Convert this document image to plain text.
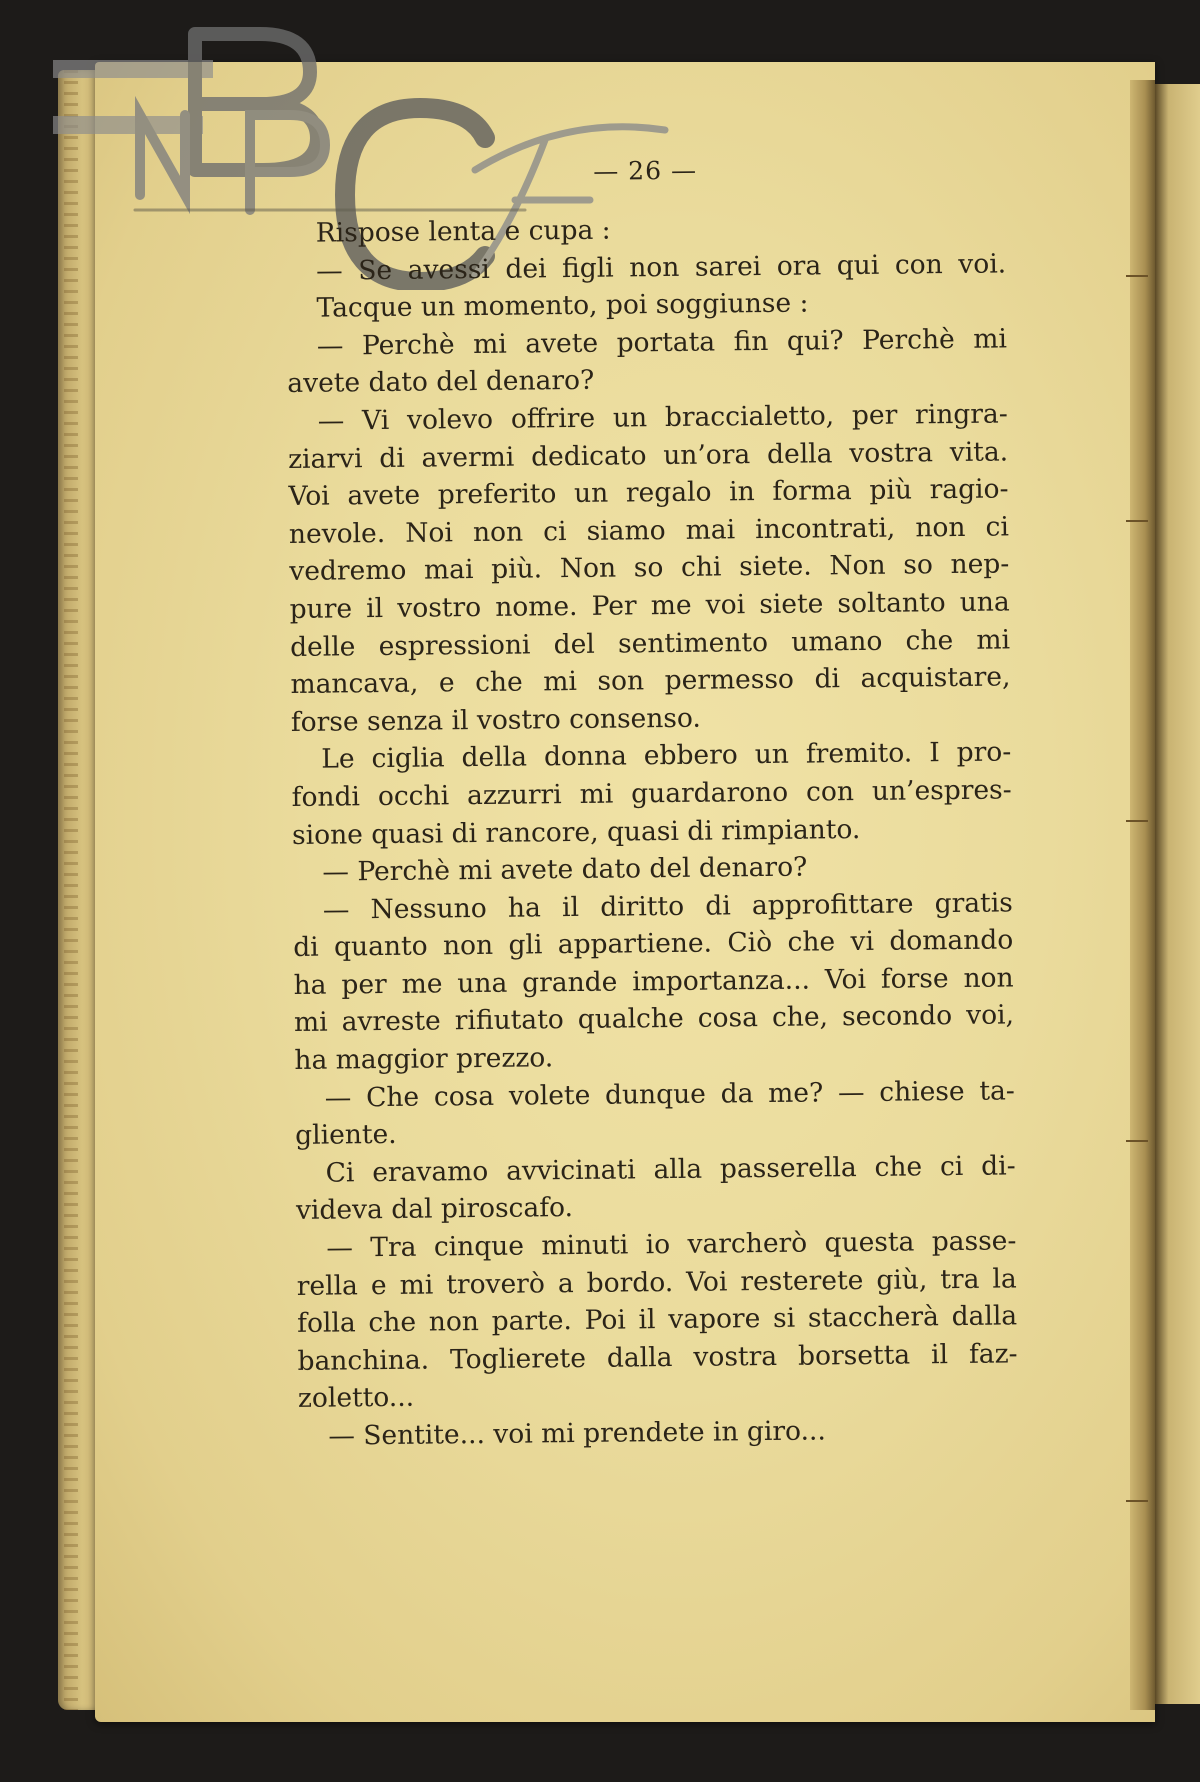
— 26 —

Rispose lenta e cupa :

— Se avessi dei figli non sarei ora qui con voi.

Tacque un momento, poi soggiunse :

— Perchè mi avete portata fin qui? Perchè mi

avete dato del denaro?

— Vi volevo offrire un braccialetto, per ringra-

ziarvi di avermi dedicato un’ora della vostra vita.

Voi avete preferito un regalo in forma più ragio-

nevole. Noi non ci siamo mai incontrati, non ci

vedremo mai più. Non so chi siete. Non so nep-

pure il vostro nome. Per me voi siete soltanto una

delle espressioni del sentimento umano che mi

mancava, e che mi son permesso di acquistare,

forse senza il vostro consenso.

Le ciglia della donna ebbero un fremito. I pro-

fondi occhi azzurri mi guardarono con un’espres-

sione quasi di rancore, quasi di rimpianto.

— Perchè mi avete dato del denaro?

— Nessuno ha il diritto di approfittare gratis

di quanto non gli appartiene. Ciò che vi domando

ha per me una grande importanza... Voi forse non

mi avreste rifiutato qualche cosa che, secondo voi,

ha maggior prezzo.

— Che cosa volete dunque da me? — chiese ta-

gliente.

Ci eravamo avvicinati alla passerella che ci di-

videva dal piroscafo.

— Tra cinque minuti io varcherò questa passe-

rella e mi troverò a bordo. Voi resterete giù, tra la

folla che non parte. Poi il vapore si staccherà dalla

banchina. Toglierete dalla vostra borsetta il faz-

zoletto...

— Sentite... voi mi prendete in giro...
